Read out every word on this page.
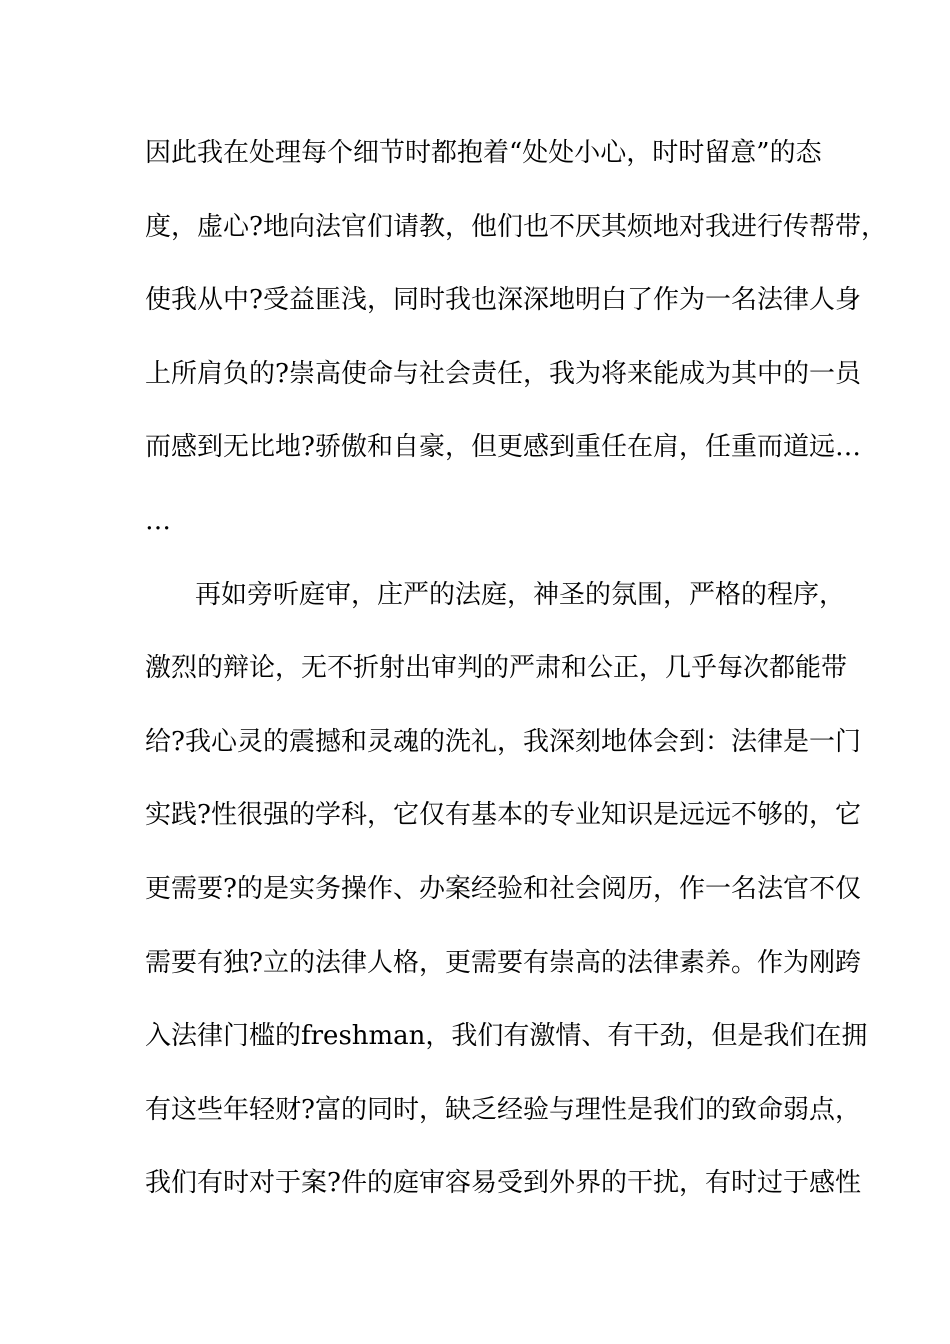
因此我在处理每个细节时都抱着“处处小心，时时留意”的态
度，虚心?地向法官们请教，他们也不厌其烦地对我进行传帮带，
使我从中?受益匪浅，同时我也深深地明白了作为一名法律人身
上所肩负的?崇高使命与社会责任，我为将来能成为其中的一员
而感到无比地?骄傲和自豪，但更感到重任在肩，任重而道远…
…
再如旁听庭审，庄严的法庭，神圣的氛围，严格的程序，
激烈的辩论，无不折射出审判的严肃和公正，几乎每次都能带
给?我心灵的震撼和灵魂的洗礼，我深刻地体会到：法律是一门
实践?性很强的学科，它仅有基本的专业知识是远远不够的，它
更需要?的是实务操作、办案经验和社会阅历，作一名法官不仅
需要有独?立的法律人格，更需要有崇高的法律素养。作为刚跨
入法律门槛的freshman，我们有激情、有干劲，但是我们在拥
有这些年轻财?富的同时，缺乏经验与理性是我们的致命弱点，
我们有时对于案?件的庭审容易受到外界的干扰，有时过于感性
